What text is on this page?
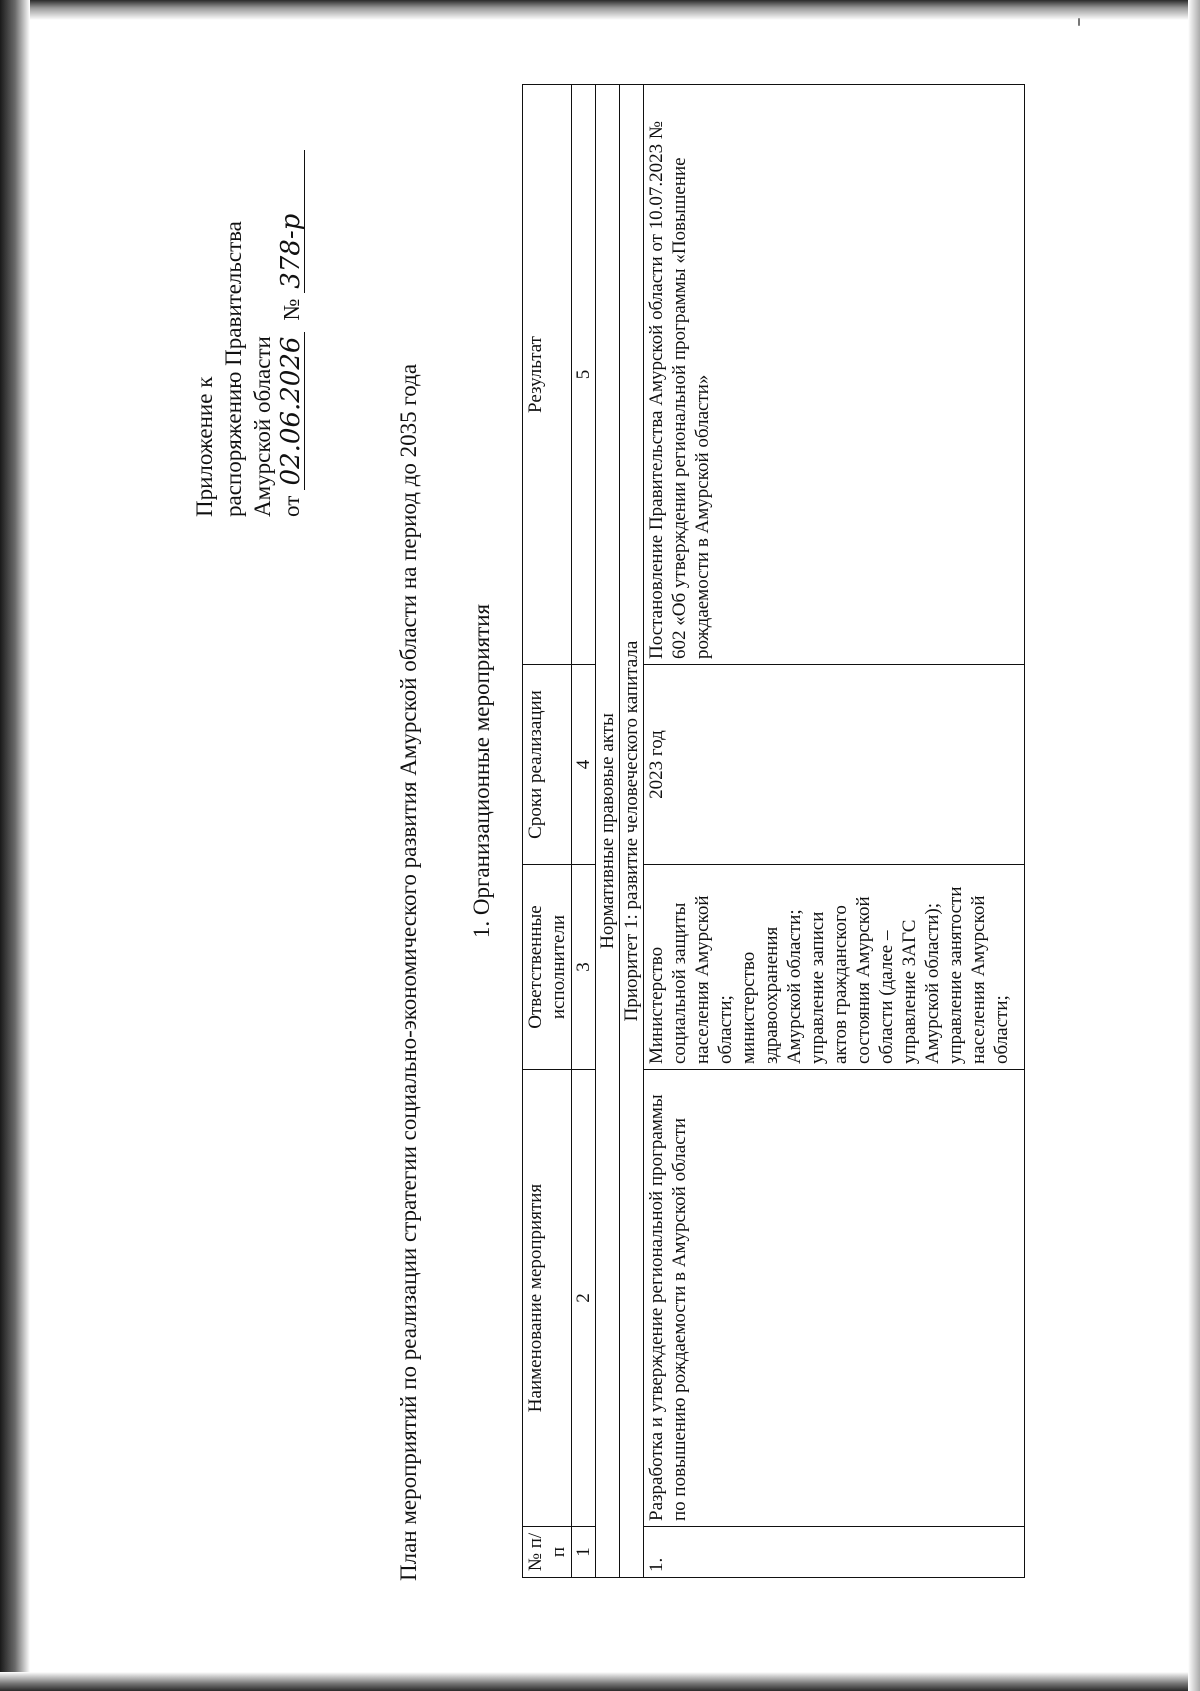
Приложение к распоряжению Правительства Амурской области от 02.06.2026  № 378-р
План мероприятий по реализации стратегии социально-экономического развития Амурской области на период до 2035 года 1. Организационные мероприятия
№ п/п	Наименование мероприятия	Ответственные исполнители	Сроки реализации	Результат
1	2	3	4	5
Нормативные правовые акты				
Приоритет 1: развитие человеческого капитала				
1.	Разработка и утверждение региональной программы по повышению рождаемости в Амурской области	Министерство социальной защиты населения Амурской области; министерство здравоохранения Амурской области; управление записи актов гражданского состояния Амурской области (далее – управление ЗАГС Амурской области); управление занятости населения Амурской области;	2023 год	Постановление Правительства Амурской области от 10.07.2023 № 602 «Об утверждении региональной программы «Повышение рождаемости в Амурской области»
